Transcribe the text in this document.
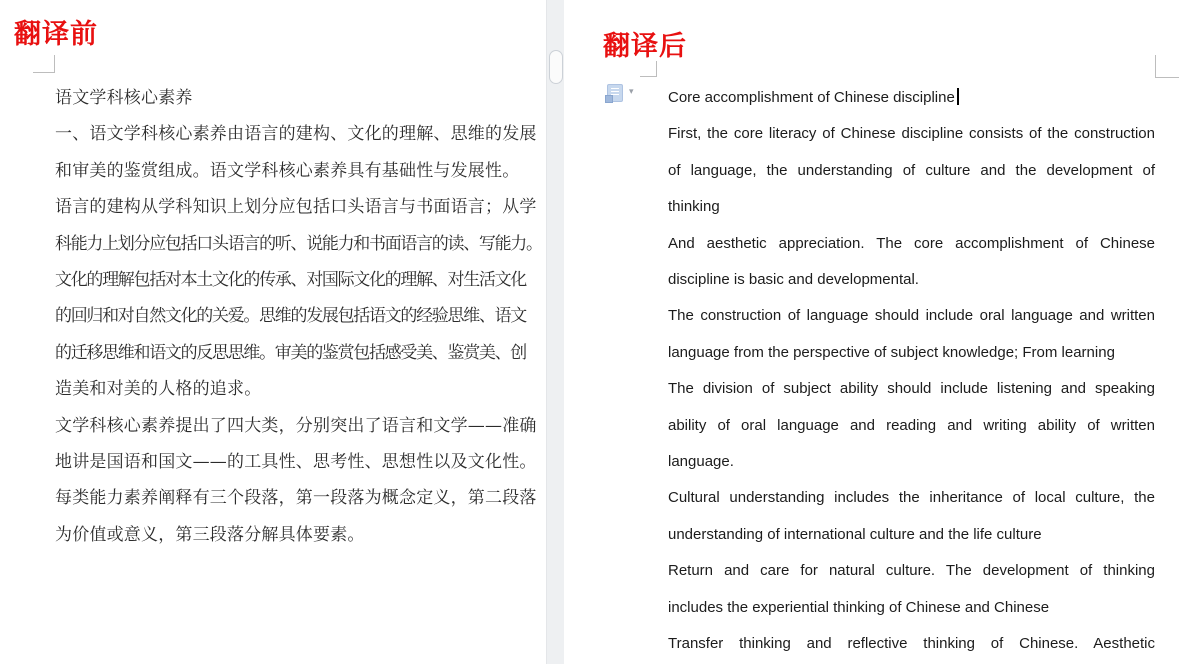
翻译前
语文学科核心素养
一、语文学科核心素养由语言的建构、文化的理解、思维的发展
和审美的鉴赏组成。语文学科核心素养具有基础性与发展性。
语言的建构从学科知识上划分应包括口头语言与书面语言；从学
科能力上划分应包括口头语言的听、说能力和书面语言的读、写能力。
文化的理解包括对本土文化的传承、对国际文化的理解、对生活文化
的回归和对自然文化的关爱。思维的发展包括语文的经验思维、语文
的迁移思维和语文的反思思维。审美的鉴赏包括感受美、鉴赏美、创
造美和对美的人格的追求。
文学科核心素养提出了四大类，分别突出了语言和文学——准确
地讲是国语和国文——的工具性、思考性、思想性以及文化性。
每类能力素养阐释有三个段落，第一段落为概念定义，第二段落
为价值或意义，第三段落分解具体要素。
翻译后
▾ Core accomplishment of Chinese discipline
First, the core literacy of Chinese discipline consists of the construction
of language, the understanding of culture and the development of
thinking
And aesthetic appreciation. The core accomplishment of Chinese
discipline is basic and developmental.
The construction of language should include oral language and written
language from the perspective of subject knowledge; From learning
The division of subject ability should include listening and speaking
ability of oral language and reading and writing ability of written
language.
Cultural understanding includes the inheritance of local culture, the
understanding of international culture and the life culture
Return and care for natural culture. The development of thinking
includes the experiential thinking of Chinese and Chinese
Transfer thinking and reflective thinking of Chinese. Aesthetic
